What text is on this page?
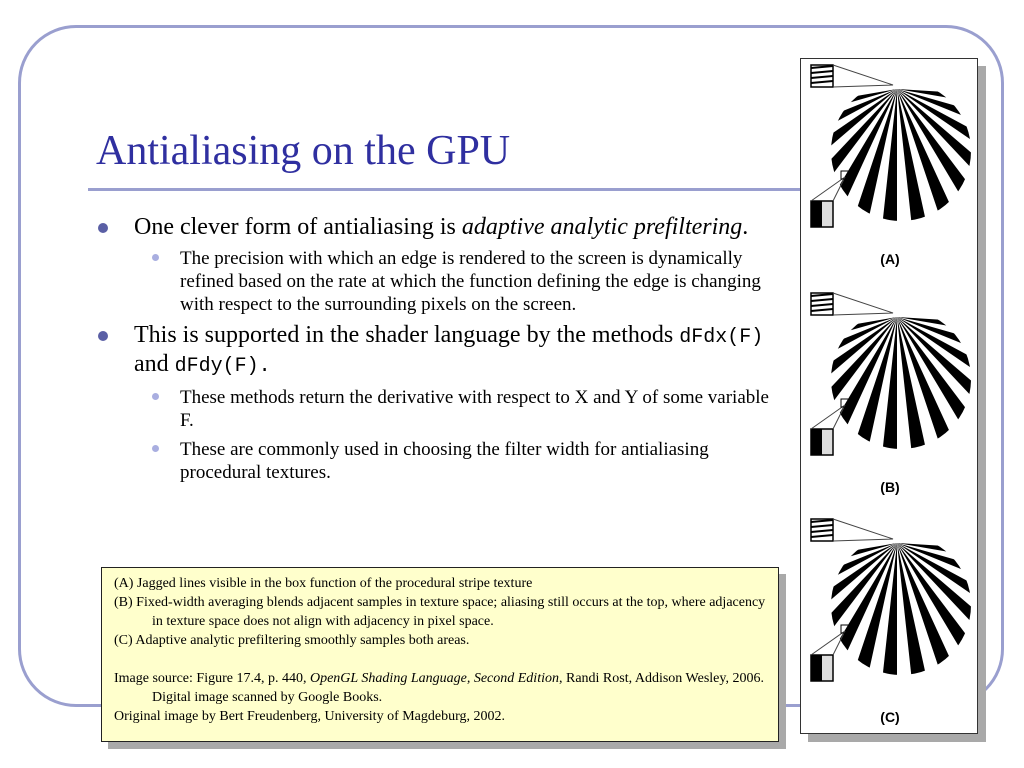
Antialiasing on the GPU
One clever form of antialiasing is adaptive analytic prefiltering.
The precision with which an edge is rendered to the screen is dynamically refined based on the rate at which the function defining the edge is changing with respect to the surrounding pixels on the screen.
This is supported in the shader language by the methods dFdx(F) and dFdy(F).
These methods return the derivative with respect to X and Y of some variable F.
These are commonly used in choosing the filter width for antialiasing procedural textures.
(A)
(B)
(C)

(A) Jagged lines visible in the box function of the procedural stripe texture

(B) Fixed-width averaging blends adjacent samples in texture space; aliasing still occurs at the top, where adjacency in texture space does not align with adjacency in pixel space.

(C) Adaptive analytic prefiltering smoothly samples both areas.

Image source: Figure 17.4, p. 440, OpenGL Shading Language, Second Edition, Randi Rost, Addison Wesley, 2006. Digital image scanned by Google Books.

Original image by Bert Freudenberg, University of Magdeburg, 2002.
